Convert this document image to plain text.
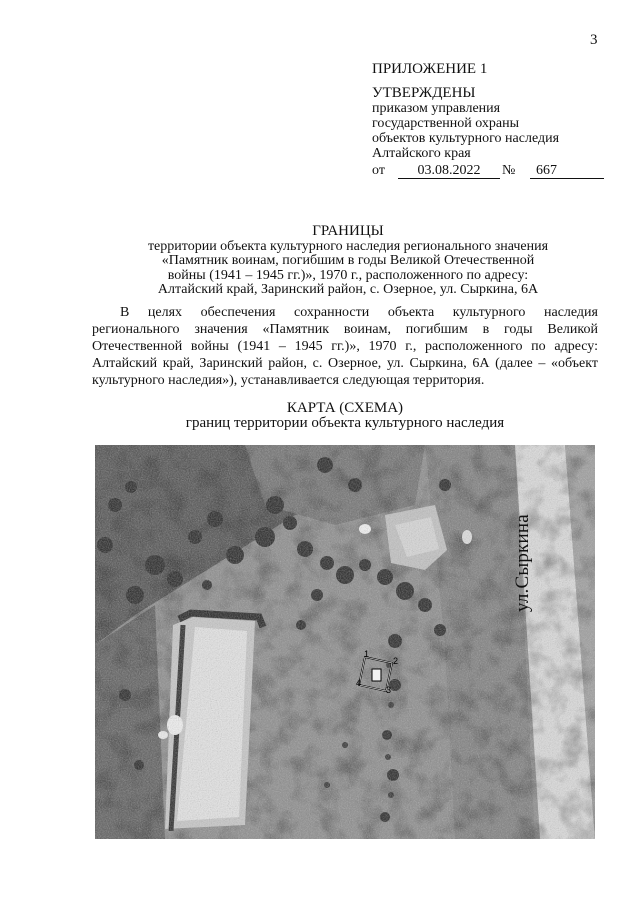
3
ПРИЛОЖЕНИЕ 1
УТВЕРЖДЕНЫ
приказом управления
государственной охраны
объектов культурного наследия
Алтайского края
от	03.08.2022	№	667
ГРАНИЦЫ
территории объекта культурного наследия регионального значения
«Памятник воинам, погибшим в годы Великой Отечественной
войны (1941 – 1945 гг.)», 1970 г., расположенного по адресу:
Алтайский край, Заринский район, с. Озерное, ул. Сыркина, 6А
В целях обеспечения сохранности объекта культурного наследия регионального значения «Памятник воинам, погибшим в годы Великой Отечественной войны (1941 – 1945 гг.)», 1970 г., расположенного по адресу: Алтайский край, Заринский район, с. Озерное, ул. Сыркина, 6А (далее – «объект культурного наследия»), устанавливается следующая территория.
КАРТА (СХЕМА)
границ территории объекта культурного наследия
1
2
3
4
ул.Сыркина
